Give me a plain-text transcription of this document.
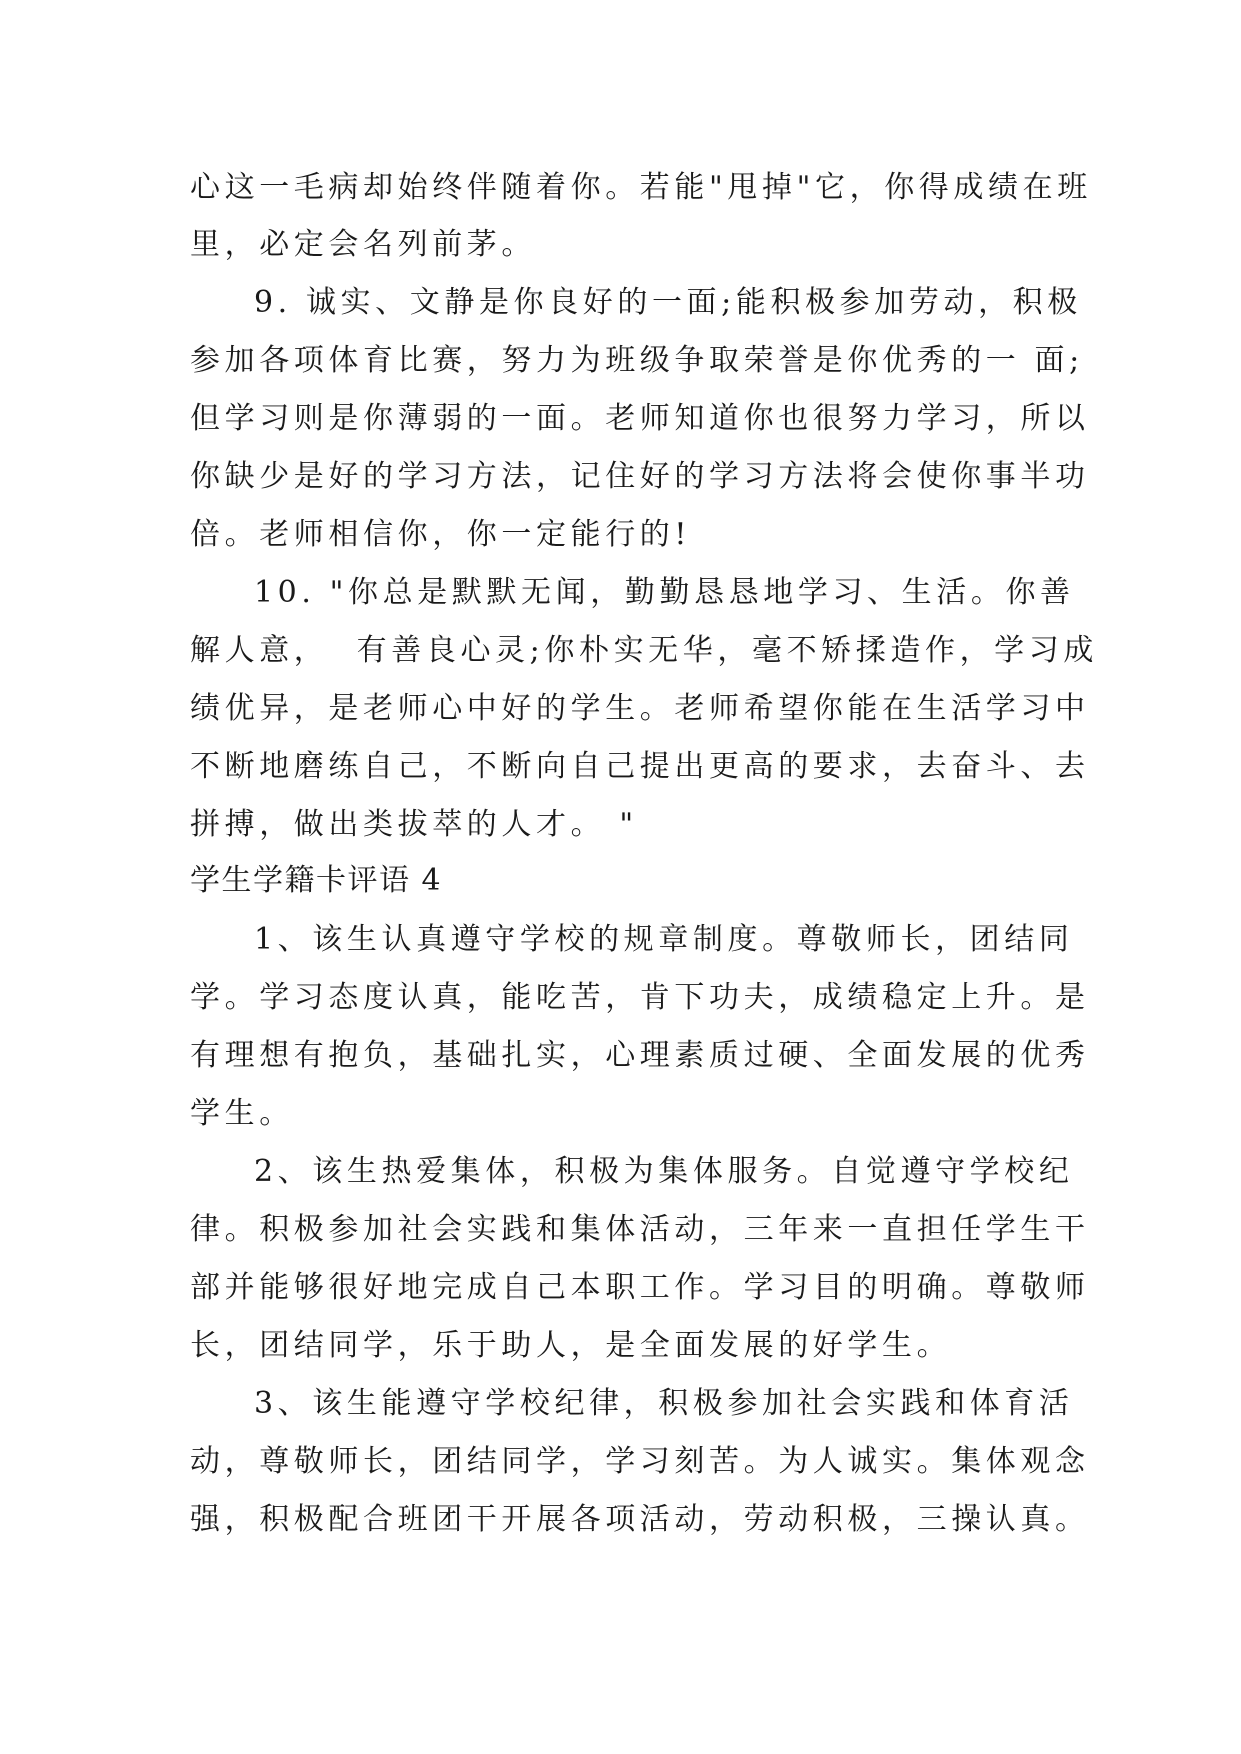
心这一毛病却始终伴随着你。若能"甩掉"它，你得成绩在班
里，必定会名列前茅。
9. 诚实、文静是你良好的一面;能积极参加劳动，积极
参加各项体育比赛，努力为班级争取荣誉是你优秀的一 面;
但学习则是你薄弱的一面。老师知道你也很努力学习，所以
你缺少是好的学习方法，记住好的学习方法将会使你事半功
倍。老师相信你，你一定能行的!
10. "你总是默默无闻，勤勤恳恳地学习、生活。你善
解人意，  有善良心灵;你朴实无华，毫不矫揉造作，学习成
绩优异，是老师心中好的学生。老师希望你能在生活学习中
不断地磨练自己，不断向自己提出更高的要求，去奋斗、去
拼搏，做出类拔萃的人才。 "
学生学籍卡评语 4
1、该生认真遵守学校的规章制度。尊敬师长，团结同
学。学习态度认真，能吃苦，肯下功夫，成绩稳定上升。是
有理想有抱负，基础扎实，心理素质过硬、全面发展的优秀
学生。
2、该生热爱集体，积极为集体服务。自觉遵守学校纪
律。积极参加社会实践和集体活动，三年来一直担任学生干
部并能够很好地完成自己本职工作。学习目的明确。尊敬师
长，团结同学，乐于助人，是全面发展的好学生。
3、该生能遵守学校纪律，积极参加社会实践和体育活
动，尊敬师长，团结同学，学习刻苦。为人诚实。集体观念
强，积极配合班团干开展各项活动，劳动积极，三操认真。
